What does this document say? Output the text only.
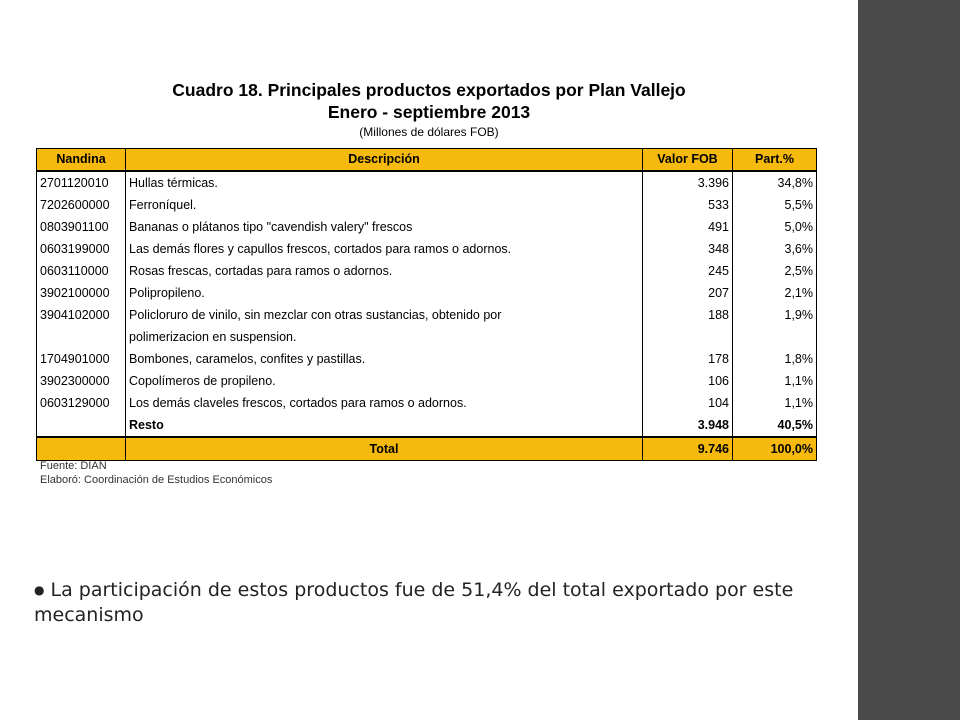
Cuadro 18. Principales productos exportados por Plan Vallejo
Enero - septiembre 2013
(Millones de dólares FOB)
Nandina	Descripción	Valor FOB	Part.%
2701120010	Hullas térmicas.	3.396	34,8%
7202600000	Ferroníquel.	533	5,5%
0803901100	Bananas o plátanos tipo "cavendish valery" frescos	491	5,0%
0603199000	Las demás flores y capullos frescos, cortados para ramos o adornos.	348	3,6%
0603110000	Rosas frescas, cortadas para ramos o adornos.	245	2,5%
3902100000	Polipropileno.	207	2,1%
3904102000	Policloruro de vinilo, sin mezclar con otras sustancias, obtenido por	188	1,9%
	polimerizacion en suspension.		
1704901000	Bombones, caramelos, confites y pastillas.	178	1,8%
3902300000	Copolímeros de propileno.	106	1,1%
0603129000	Los demás claveles frescos, cortados para ramos o adornos.	104	1,1%
	Resto	3.948	40,5%
	Total	9.746	100,0%
Fuente: DIAN
Elaboró: Coordinación de Estudios Económicos
● La participación de estos productos fue de 51,4% del total exportado por este mecanismo
